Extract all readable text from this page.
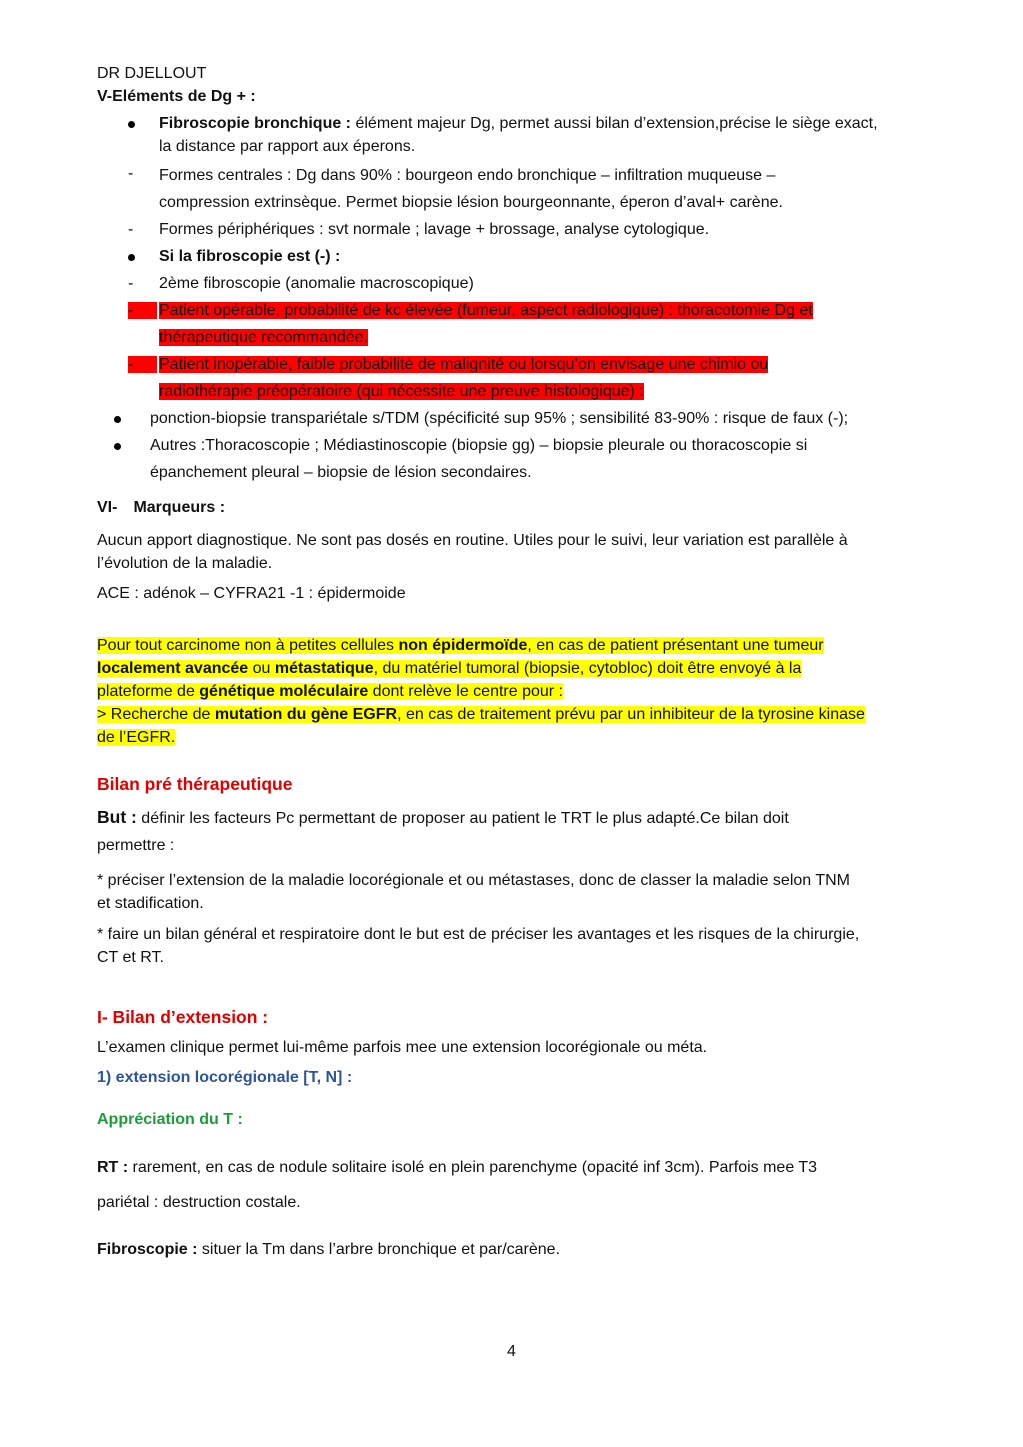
DR DJELLOUT

V-Eléments de Dg + :

Fibroscopie bronchique : élément majeur Dg, permet aussi bilan d’extension,précise le siège exact,
la distance par rapport aux éperons.
-	Formes centrales : Dg dans 90% : bourgeon endo bronchique – infiltration muqueuse –
compression extrinsèque. Permet biopsie lésion bourgeonnante, éperon d’aval+ carène.
-	Formes périphériques : svt normale ; lavage + brossage, analyse cytologique.
Si la fibroscopie est (-) :
-	2ème fibroscopie (anomalie macroscopique)
-	Patient opérable, probabilité de kc élevée (fumeur, aspect radiologique) : thoracotomie Dg et
thérapeutique recommandée.
-	Patient inopérable, faible probabilité de malignité ou lorsqu’on envisage une chimio ou
radiothérapie préopératoire (qui nécessite une preuve histologique) :
ponction-biopsie transpariétale s/TDM (spécificité sup 95% ; sensibilité 83-90% : risque de faux (-);
Autres :Thoracoscopie ; Médiastinoscopie (biopsie gg) – biopsie pleurale ou thoracoscopie si
épanchement pleural – biopsie de lésion secondaires.

VI- Marqueurs :

Aucun apport diagnostique. Ne sont pas dosés en routine. Utiles pour le suivi, leur variation est parallèle à
l’évolution de la maladie.

ACE : adénok – CYFRA21 -1 : épidermoide

Pour tout carcinome non à petites cellules non épidermoïde, en cas de patient présentant une tumeur
localement avancée ou métastatique, du matériel tumoral (biopsie, cytobloc) doit être envoyé à la
plateforme de génétique moléculaire dont relève le centre pour :
> Recherche de mutation du gène EGFR, en cas de traitement prévu par un inhibiteur de la tyrosine kinase
de l’EGFR.

Bilan pré thérapeutique

But : définir les facteurs Pc permettant de proposer au patient le TRT le plus adapté.Ce bilan doit
permettre :

* préciser l’extension de la maladie locorégionale et ou métastases, donc de classer la maladie selon TNM
et stadification.

* faire un bilan général et respiratoire dont le but est de préciser les avantages et les risques de la chirurgie,
CT et RT.

I- Bilan d’extension :

L’examen clinique permet lui-même parfois mee une extension locorégionale ou méta.

1) extension locorégionale [T, N] :

Appréciation du T :

RT : rarement, en cas de nodule solitaire isolé en plein parenchyme (opacité inf 3cm). Parfois mee T3
pariétal : destruction costale.

Fibroscopie : situer la Tm dans l’arbre bronchique et par/carène.

4
